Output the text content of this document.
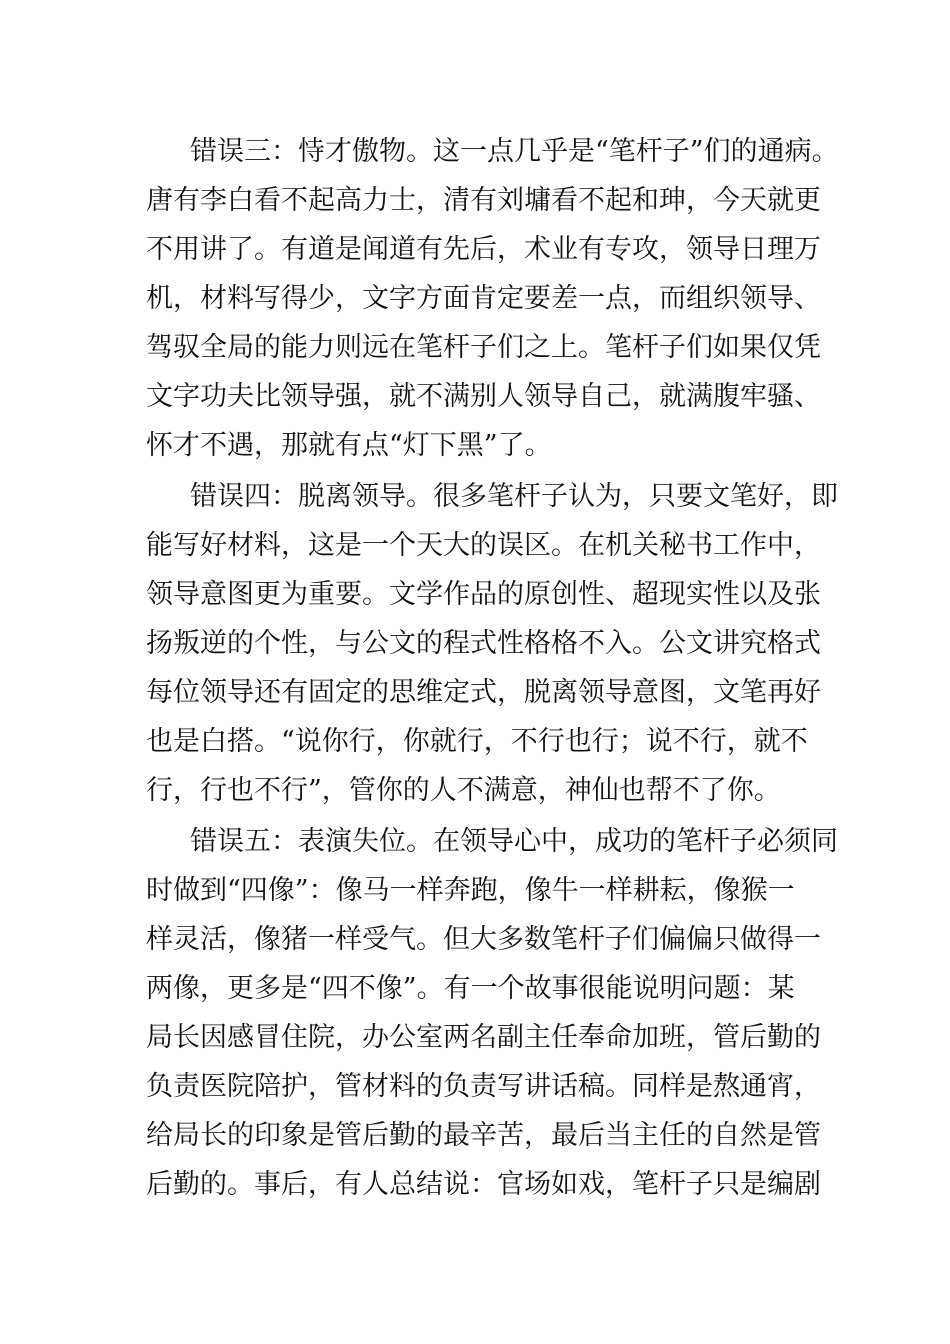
错误三：恃才傲物。这一点几乎是“笔杆子”们的通病。
唐有李白看不起高力士，清有刘墉看不起和珅，今天就更
不用讲了。有道是闻道有先后，术业有专攻，领导日理万
机，材料写得少，文字方面肯定要差一点，而组织领导、
驾驭全局的能力则远在笔杆子们之上。笔杆子们如果仅凭
文字功夫比领导强，就不满别人领导自己，就满腹牢骚、
怀才不遇，那就有点“灯下黑”了。
错误四：脱离领导。很多笔杆子认为，只要文笔好，即
能写好材料，这是一个天大的误区。在机关秘书工作中，
领导意图更为重要。文学作品的原创性、超现实性以及张
扬叛逆的个性，与公文的程式性格格不入。公文讲究格式
每位领导还有固定的思维定式，脱离领导意图，文笔再好
也是白搭。“说你行，你就行，不行也行；说不行，就不
行，行也不行”，管你的人不满意，神仙也帮不了你。
错误五：表演失位。在领导心中，成功的笔杆子必须同
时做到“四像”：像马一样奔跑，像牛一样耕耘，像猴一
样灵活，像猪一样受气。但大多数笔杆子们偏偏只做得一
两像，更多是“四不像”。有一个故事很能说明问题：某
局长因感冒住院，办公室两名副主任奉命加班，管后勤的
负责医院陪护，管材料的负责写讲话稿。同样是熬通宵，
给局长的印象是管后勤的最辛苦，最后当主任的自然是管
后勤的。事后，有人总结说：官场如戏，笔杆子只是编剧
